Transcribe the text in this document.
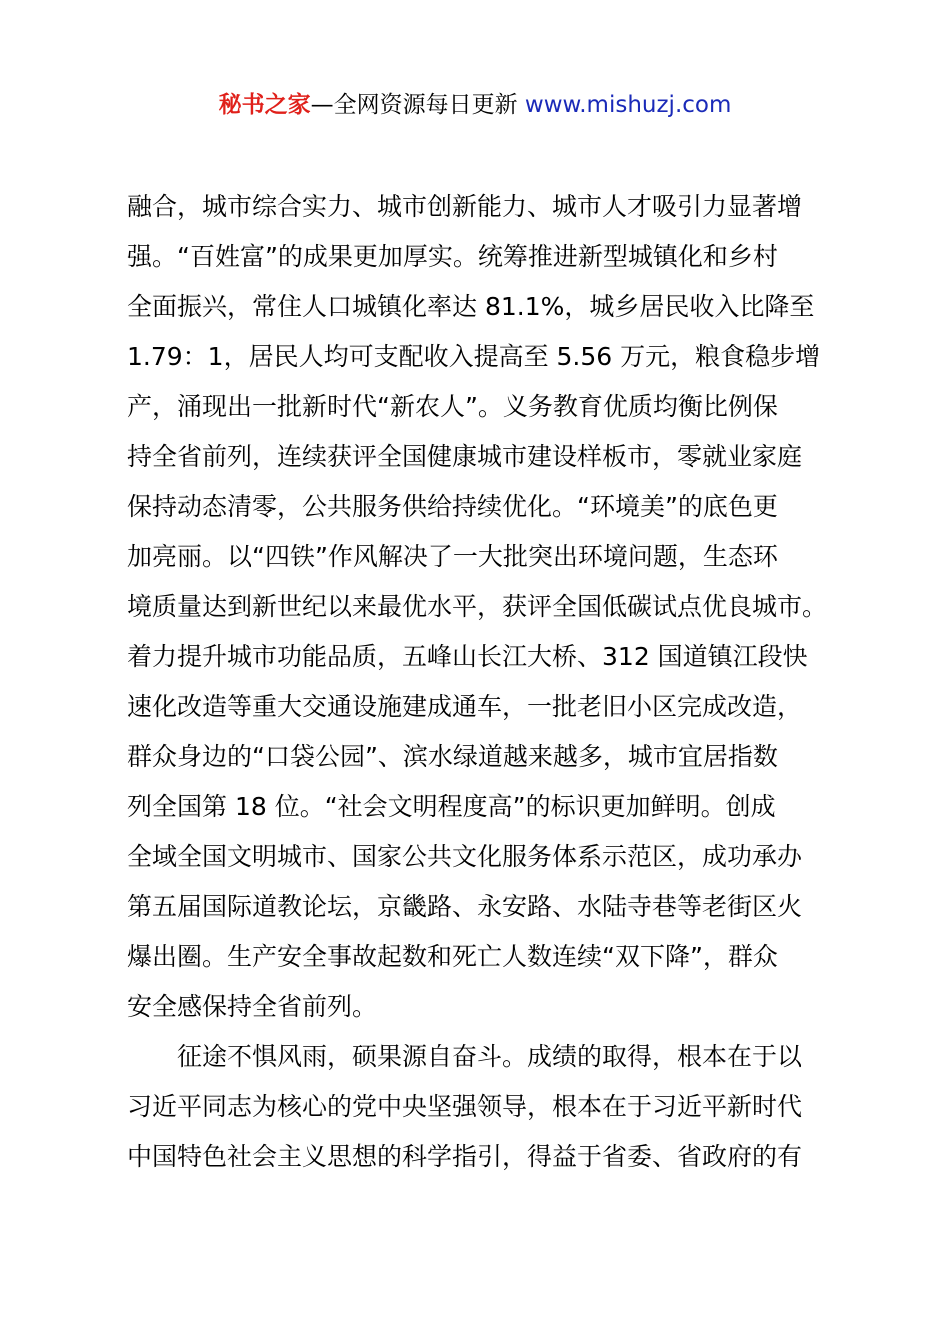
秘书之家—全网资源每日更新 www.mishuzj.com
融合，城市综合实力、城市创新能力、城市人才吸引力显著增
强。“百姓富”的成果更加厚实。统筹推进新型城镇化和乡村
全面振兴，常住人口城镇化率达 81.1%，城乡居民收入比降至
1.79：1，居民人均可支配收入提高至 5.56 万元，粮食稳步增
产，涌现出一批新时代“新农人”。义务教育优质均衡比例保
持全省前列，连续获评全国健康城市建设样板市，零就业家庭
保持动态清零，公共服务供给持续优化。“环境美”的底色更
加亮丽。以“四铁”作风解决了一大批突出环境问题，生态环
境质量达到新世纪以来最优水平，获评全国低碳试点优良城市。
着力提升城市功能品质，五峰山长江大桥、312 国道镇江段快
速化改造等重大交通设施建成通车，一批老旧小区完成改造，
群众身边的“口袋公园”、滨水绿道越来越多，城市宜居指数
列全国第 18 位。“社会文明程度高”的标识更加鲜明。创成
全域全国文明城市、国家公共文化服务体系示范区，成功承办
第五届国际道教论坛，京畿路、永安路、水陆寺巷等老街区火
爆出圈。生产安全事故起数和死亡人数连续“双下降”，群众
安全感保持全省前列。
　　征途不惧风雨，硕果源自奋斗。成绩的取得，根本在于以
习近平同志为核心的党中央坚强领导，根本在于习近平新时代
中国特色社会主义思想的科学指引，得益于省委、省政府的有
